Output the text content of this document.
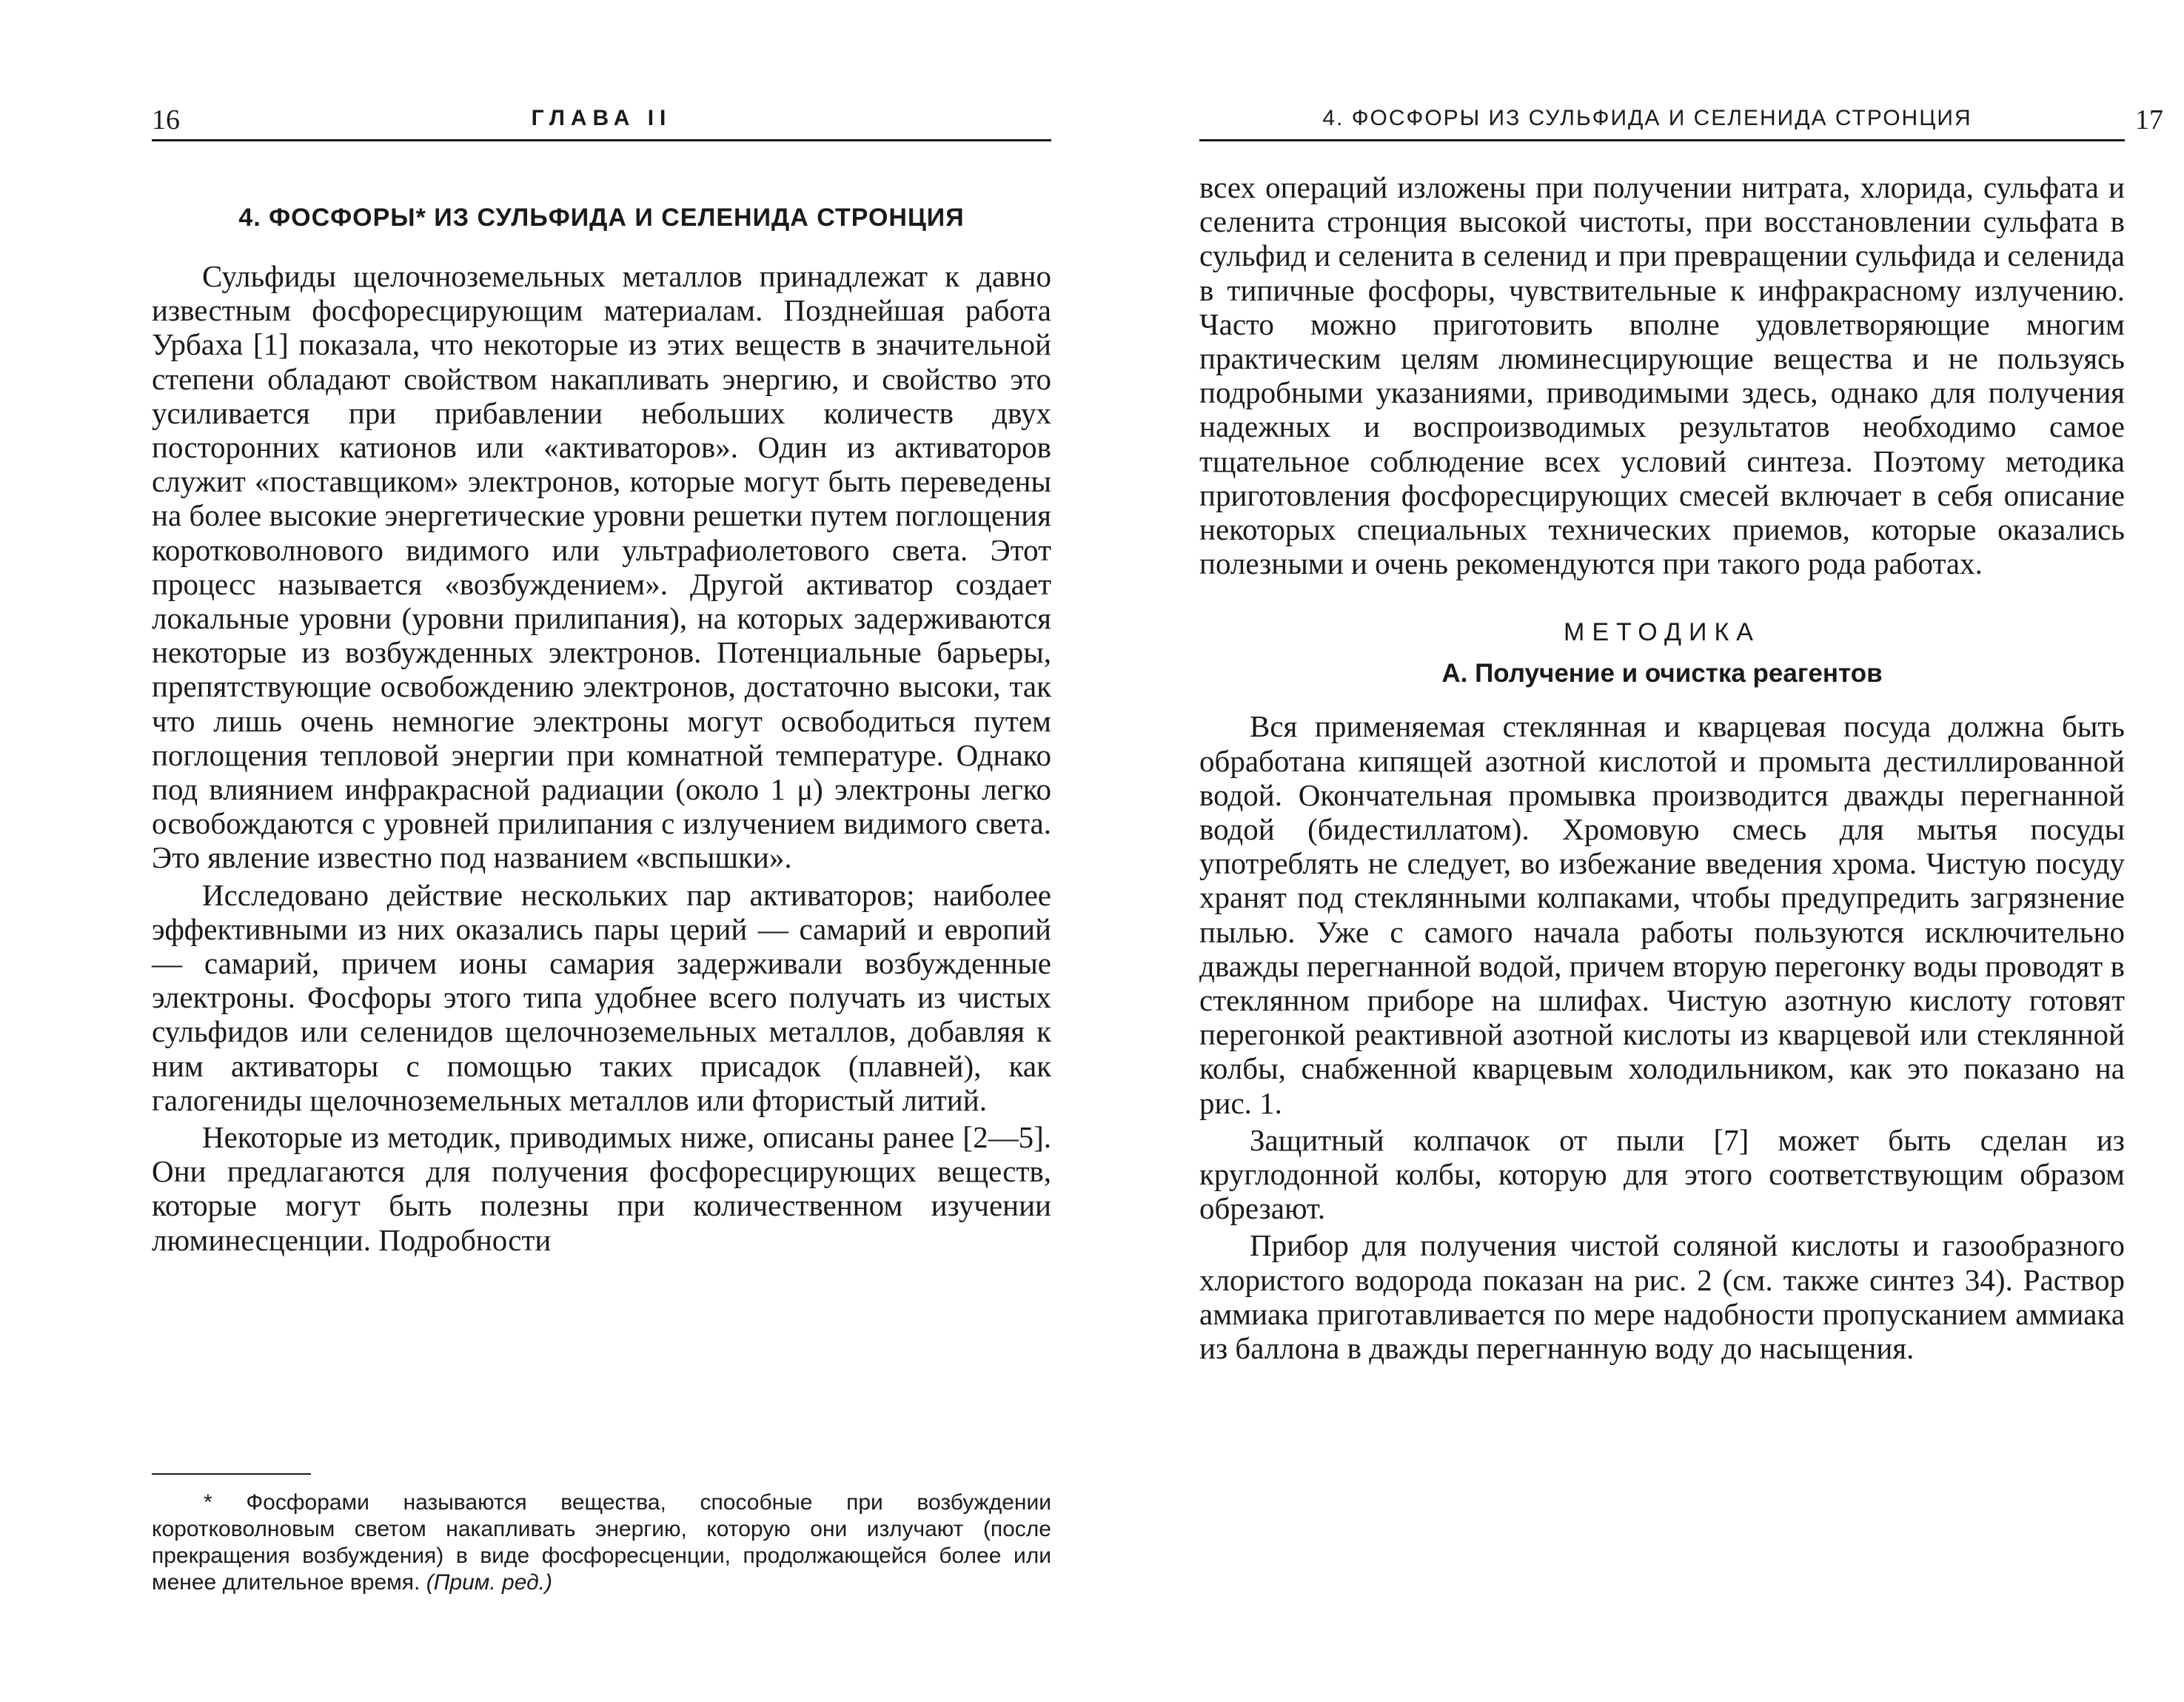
16	ГЛАВА II
4. ФОСФОРЫ* ИЗ СУЛЬФИДА И СЕЛЕНИДА СТРОНЦИЯ

Сульфиды щелочноземельных металлов принадлежат к давно известным фосфоресцирующим материалам. Позднейшая работа Урбаха [1] показала, что некоторые из этих веществ в значительной степени обладают свойством накапливать энергию, и свойство это усиливается при прибавлении небольших количеств двух посторонних катионов или «активаторов». Один из активаторов служит «поставщиком» электронов, которые могут быть переведены на более высокие энергетические уровни решетки путем поглощения коротковолнового видимого или ультрафиолетового света. Этот процесс называется «возбуждением». Другой активатор создает локальные уровни (уровни прилипания), на которых задерживаются некоторые из возбужденных электронов. Потенциальные барьеры, препятствующие освобождению электронов, достаточно высоки, так что лишь очень немногие электроны могут освободиться путем поглощения тепловой энергии при комнатной температуре. Однако под влиянием инфракрасной радиации (около 1 μ) электроны легко освобождаются с уровней прилипания с излучением видимого света. Это явление известно под названием «вспышки».

Исследовано действие нескольких пар активаторов; наиболее эффективными из них оказались пары церий — самарий и европий — самарий, причем ионы самария задерживали возбужденные электроны. Фосфоры этого типа удобнее всего получать из чистых сульфидов или селенидов щелочноземельных металлов, добавляя к ним активаторы с помощью таких присадок (плавней), как галогениды щелочноземельных металлов или фтористый литий.

Некоторые из методик, приводимых ниже, описаны ранее [2—5]. Они предлагаются для получения фосфоресцирующих веществ, которые могут быть полезны при количественном изучении люминесценции. Подробности

* Фосфорами называются вещества, способные при возбуждении коротковолновым светом накапливать энергию, которую они излучают (после прекращения возбуждения) в виде фосфоресценции, продолжающейся более или менее длительное время. (Прим. ред.)
4. ФОСФОРЫ ИЗ СУЛЬФИДА И СЕЛЕНИДА СТРОНЦИЯ	17

всех операций изложены при получении нитрата, хлорида, сульфата и селенита стронция высокой чистоты, при восстановлении сульфата в сульфид и селенита в селенид и при превращении сульфида и селенида в типичные фосфоры, чувствительные к инфракрасному излучению. Часто можно приготовить вполне удовлетворяющие многим практическим целям люминесцирующие вещества и не пользуясь подробными указаниями, приводимыми здесь, однако для получения надежных и воспроизводимых результатов необходимо самое тщательное соблюдение всех условий синтеза. Поэтому методика приготовления фосфоресцирующих смесей включает в себя описание некоторых специальных технических приемов, которые оказались полезными и очень рекомендуются при такого рода работах.

МЕТОДИКА
А. Получение и очистка реагентов

Вся применяемая стеклянная и кварцевая посуда должна быть обработана кипящей азотной кислотой и промыта дестиллированной водой. Окончательная промывка производится дважды перегнанной водой (бидестиллатом). Хромовую смесь для мытья посуды употреблять не следует, во избежание введения хрома. Чистую посуду хранят под стеклянными колпаками, чтобы предупредить загрязнение пылью. Уже с самого начала работы пользуются исключительно дважды перегнанной водой, причем вторую перегонку воды проводят в стеклянном приборе на шлифах. Чистую азотную кислоту готовят перегонкой реактивной азотной кислоты из кварцевой или стеклянной колбы, снабженной кварцевым холодильником, как это показано на рис. 1.

Защитный колпачок от пыли [7] может быть сделан из круглодонной колбы, которую для этого соответствующим образом обрезают.

Прибор для получения чистой соляной кислоты и газообразного хлористого водорода показан на рис. 2 (см. также синтез 34). Раствор аммиака приготавливается по мере надобности пропусканием аммиака из баллона в дважды перегнанную воду до насыщения.
